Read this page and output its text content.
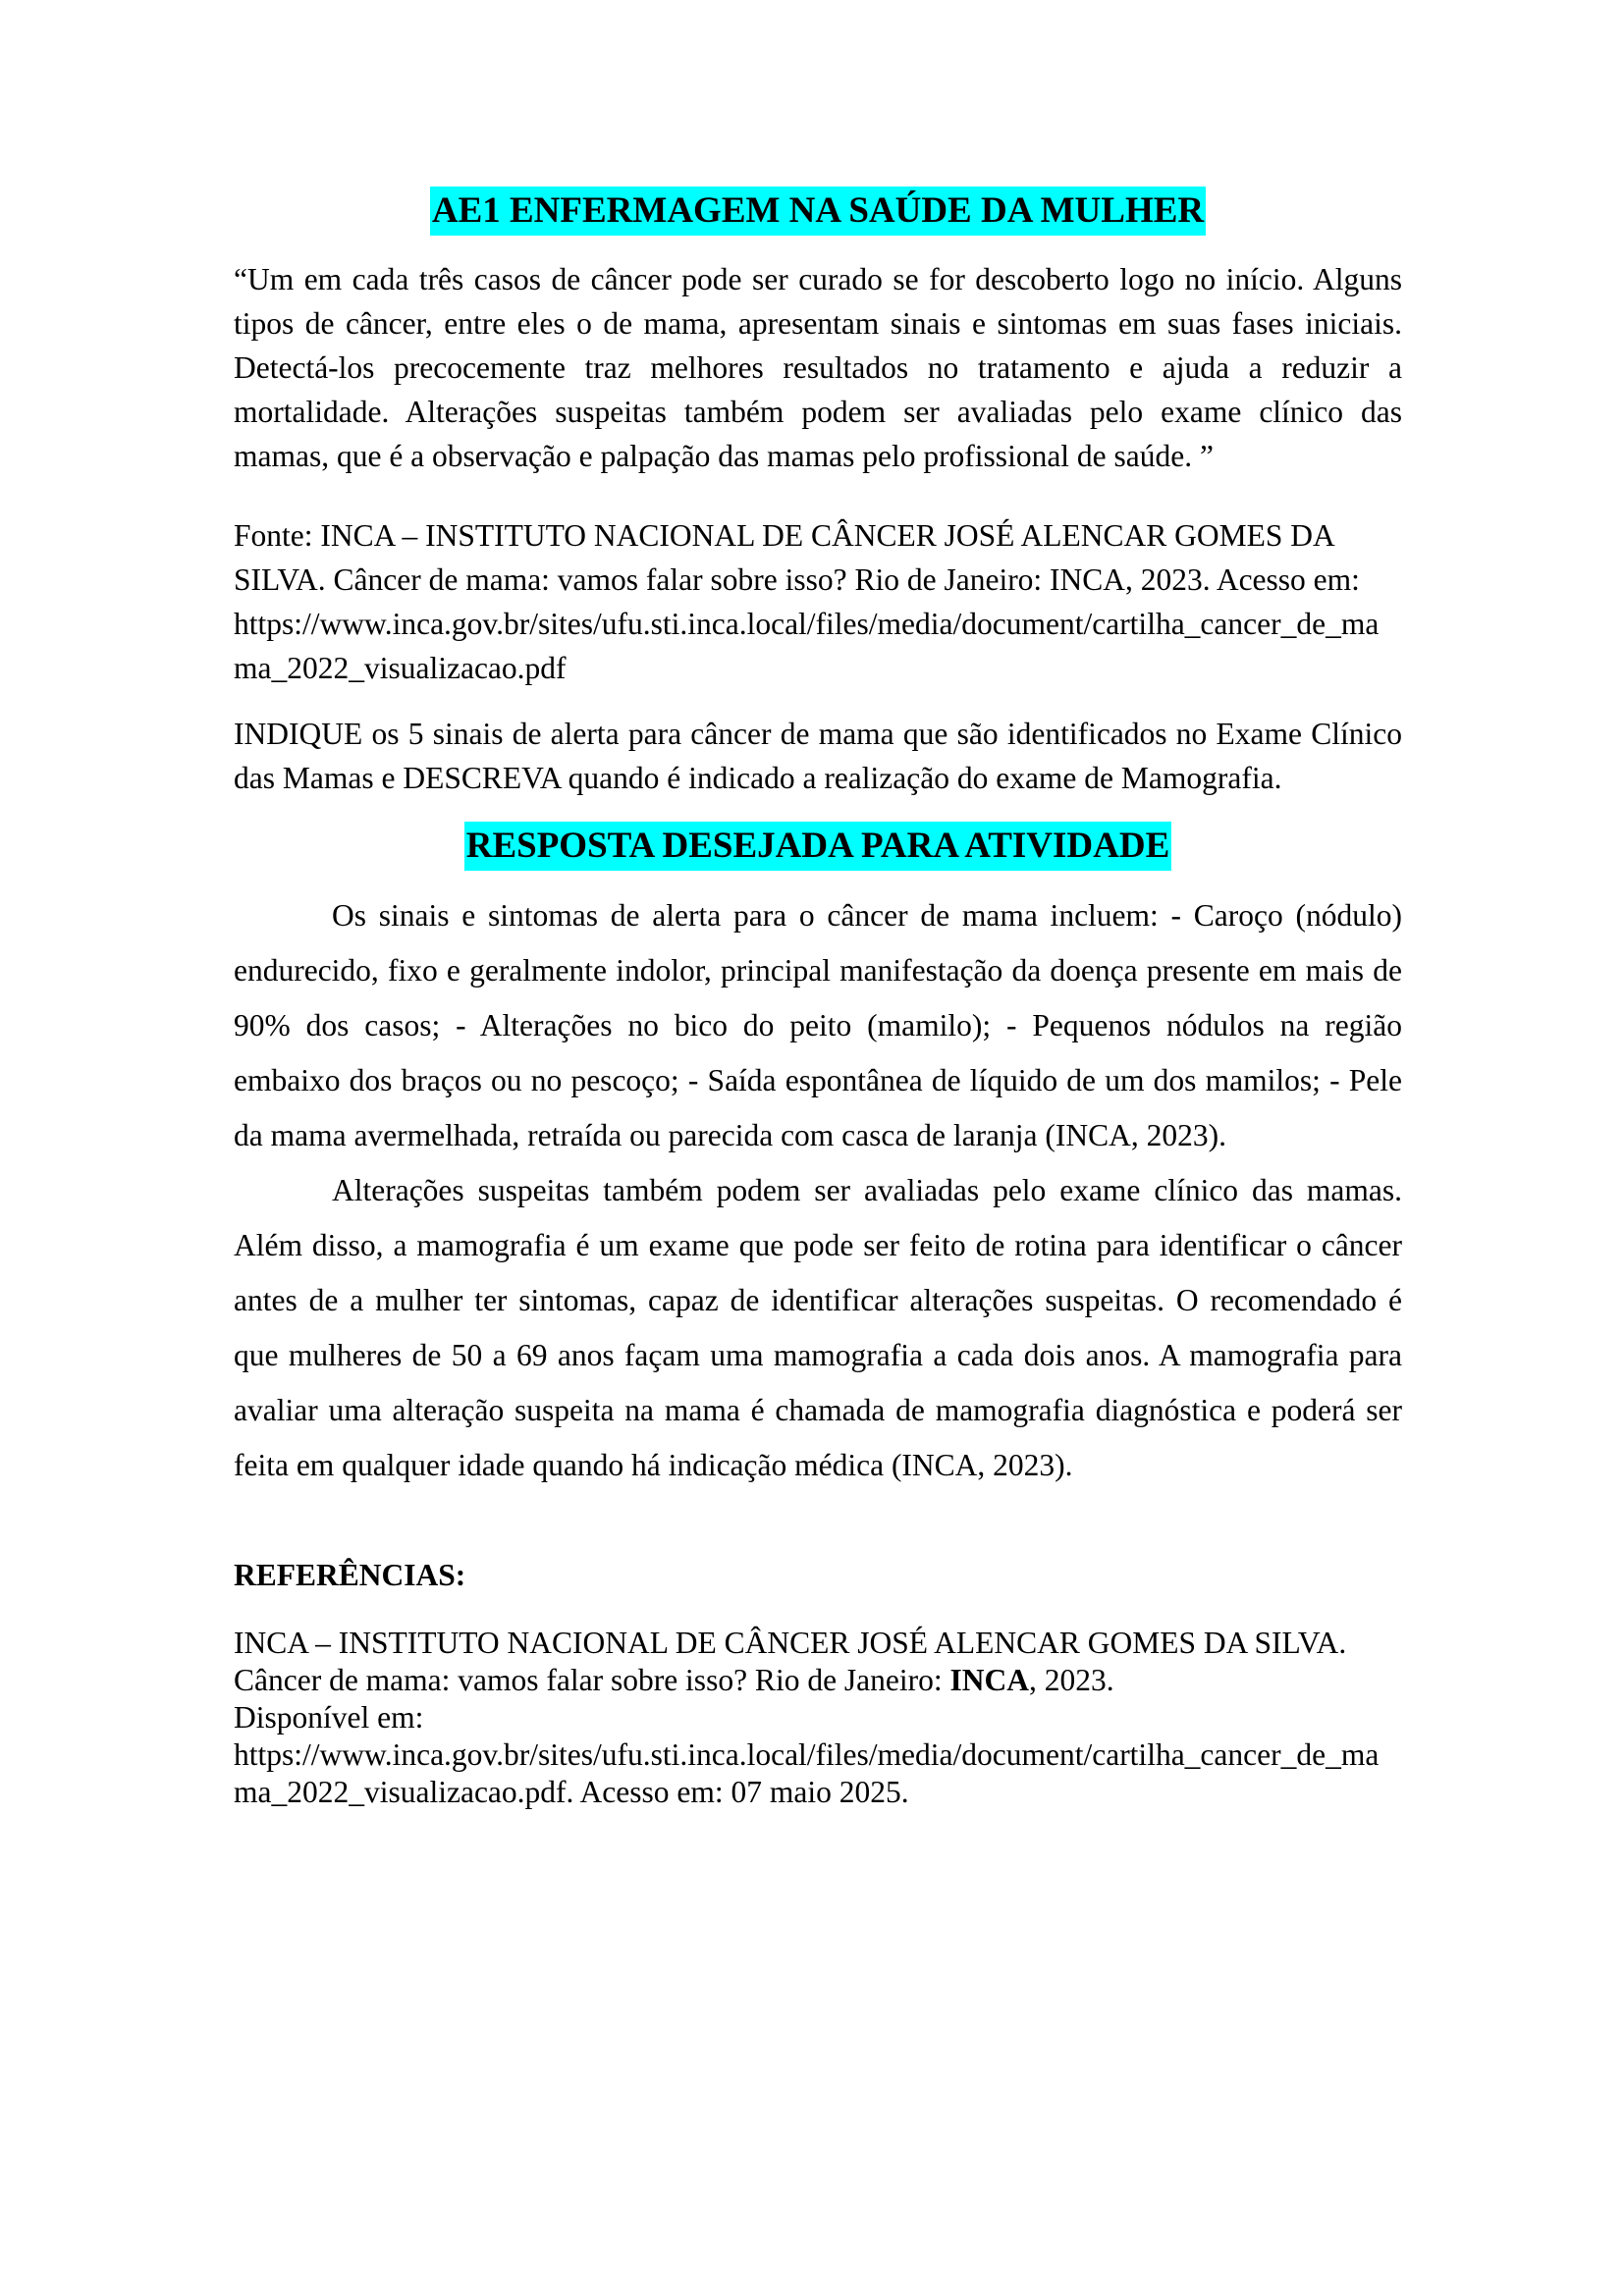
AE1 ENFERMAGEM NA SAÚDE DA MULHER

“Um em cada três casos de câncer pode ser curado se for descoberto logo no início. Alguns tipos de câncer, entre eles o de mama, apresentam sinais e sintomas em suas fases iniciais. Detectá-los precocemente traz melhores resultados no tratamento e ajuda a reduzir a mortalidade. Alterações suspeitas também podem ser avaliadas pelo exame clínico das mamas, que é a observação e palpação das mamas pelo profissional de saúde. ”

Fonte: INCA – INSTITUTO NACIONAL DE CÂNCER JOSÉ ALENCAR GOMES DA SILVA. Câncer de mama: vamos falar sobre isso? Rio de Janeiro: INCA, 2023. Acesso em:
https://www.inca.gov.br/sites/ufu.sti.inca.local/files/media/document/cartilha_cancer_de_mama_2022_visualizacao.pdf

INDIQUE os 5 sinais de alerta para câncer de mama que são identificados no Exame Clínico das Mamas e DESCREVA quando é indicado a realização do exame de Mamografia.

RESPOSTA DESEJADA PARA ATIVIDADE

Os sinais e sintomas de alerta para o câncer de mama incluem: - Caroço (nódulo) endurecido, fixo e geralmente indolor, principal manifestação da doença presente em mais de 90% dos casos; - Alterações no bico do peito (mamilo); - Pequenos nódulos na região embaixo dos braços ou no pescoço; - Saída espontânea de líquido de um dos mamilos; - Pele da mama avermelhada, retraída ou parecida com casca de laranja (INCA, 2023).

Alterações suspeitas também podem ser avaliadas pelo exame clínico das mamas. Além disso, a mamografia é um exame que pode ser feito de rotina para identificar o câncer antes de a mulher ter sintomas, capaz de identificar alterações suspeitas. O recomendado é que mulheres de 50 a 69 anos façam uma mamografia a cada dois anos. A mamografia para avaliar uma alteração suspeita na mama é chamada de mamografia diagnóstica e poderá ser feita em qualquer idade quando há indicação médica (INCA, 2023).

REFERÊNCIAS:

INCA – INSTITUTO NACIONAL DE CÂNCER JOSÉ ALENCAR GOMES DA SILVA. Câncer de mama: vamos falar sobre isso? Rio de Janeiro: INCA, 2023.
Disponível em:
https://www.inca.gov.br/sites/ufu.sti.inca.local/files/media/document/cartilha_cancer_de_mama_2022_visualizacao.pdf. Acesso em: 07 maio 2025.
